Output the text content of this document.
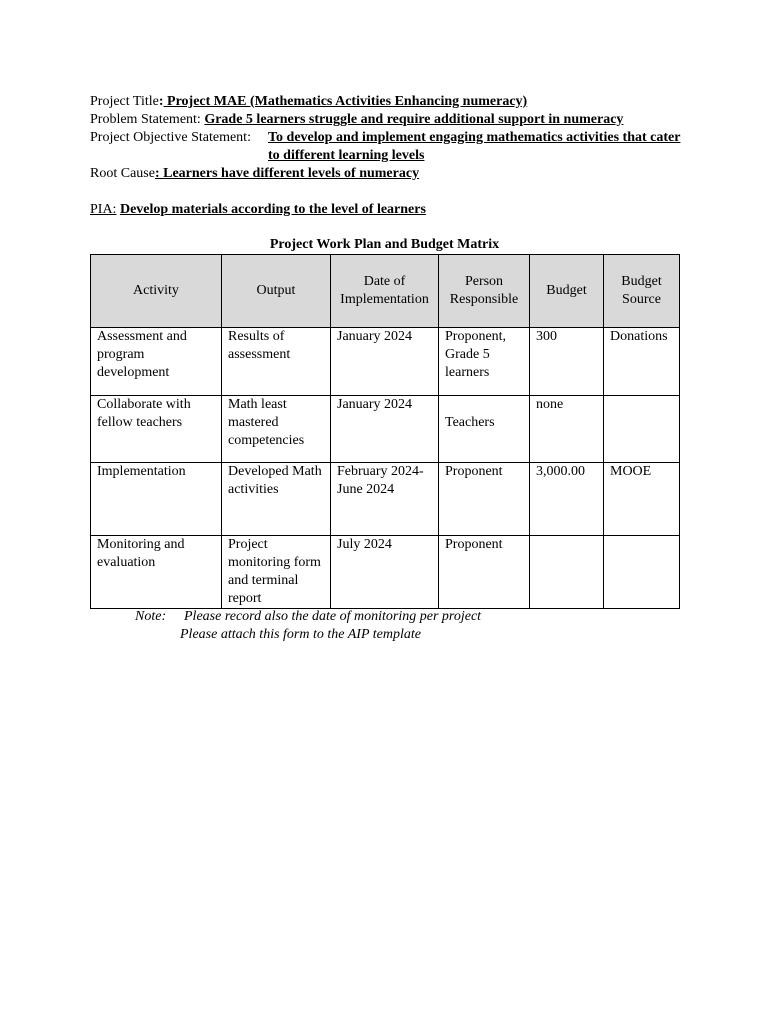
Project Title: Project MAE (Mathematics Activities Enhancing numeracy)
Problem Statement: Grade 5 learners struggle and require additional support in numeracy
Project Objective Statement: To develop and implement engaging mathematics activities that cater to different learning levels
Root Cause: Learners have different levels of numeracy
PIA: Develop materials according to the level of learners
Project Work Plan and Budget Matrix
Activity	Output	Date of Implementation	Person Responsible	Budget	Budget Source
Assessment and program development	Results of assessment	January 2024	Proponent, Grade 5 learners	300	Donations
Collaborate with fellow teachers	Math least mastered competencies	January 2024	Teachers	none	
Implementation	Developed Math activities	February 2024- June 2024	Proponent	3,000.00	MOOE
Monitoring and evaluation	Project monitoring form and terminal report	July 2024	Proponent		
Note: Please record also the date of monitoring per project
Please attach this form to the AIP template
